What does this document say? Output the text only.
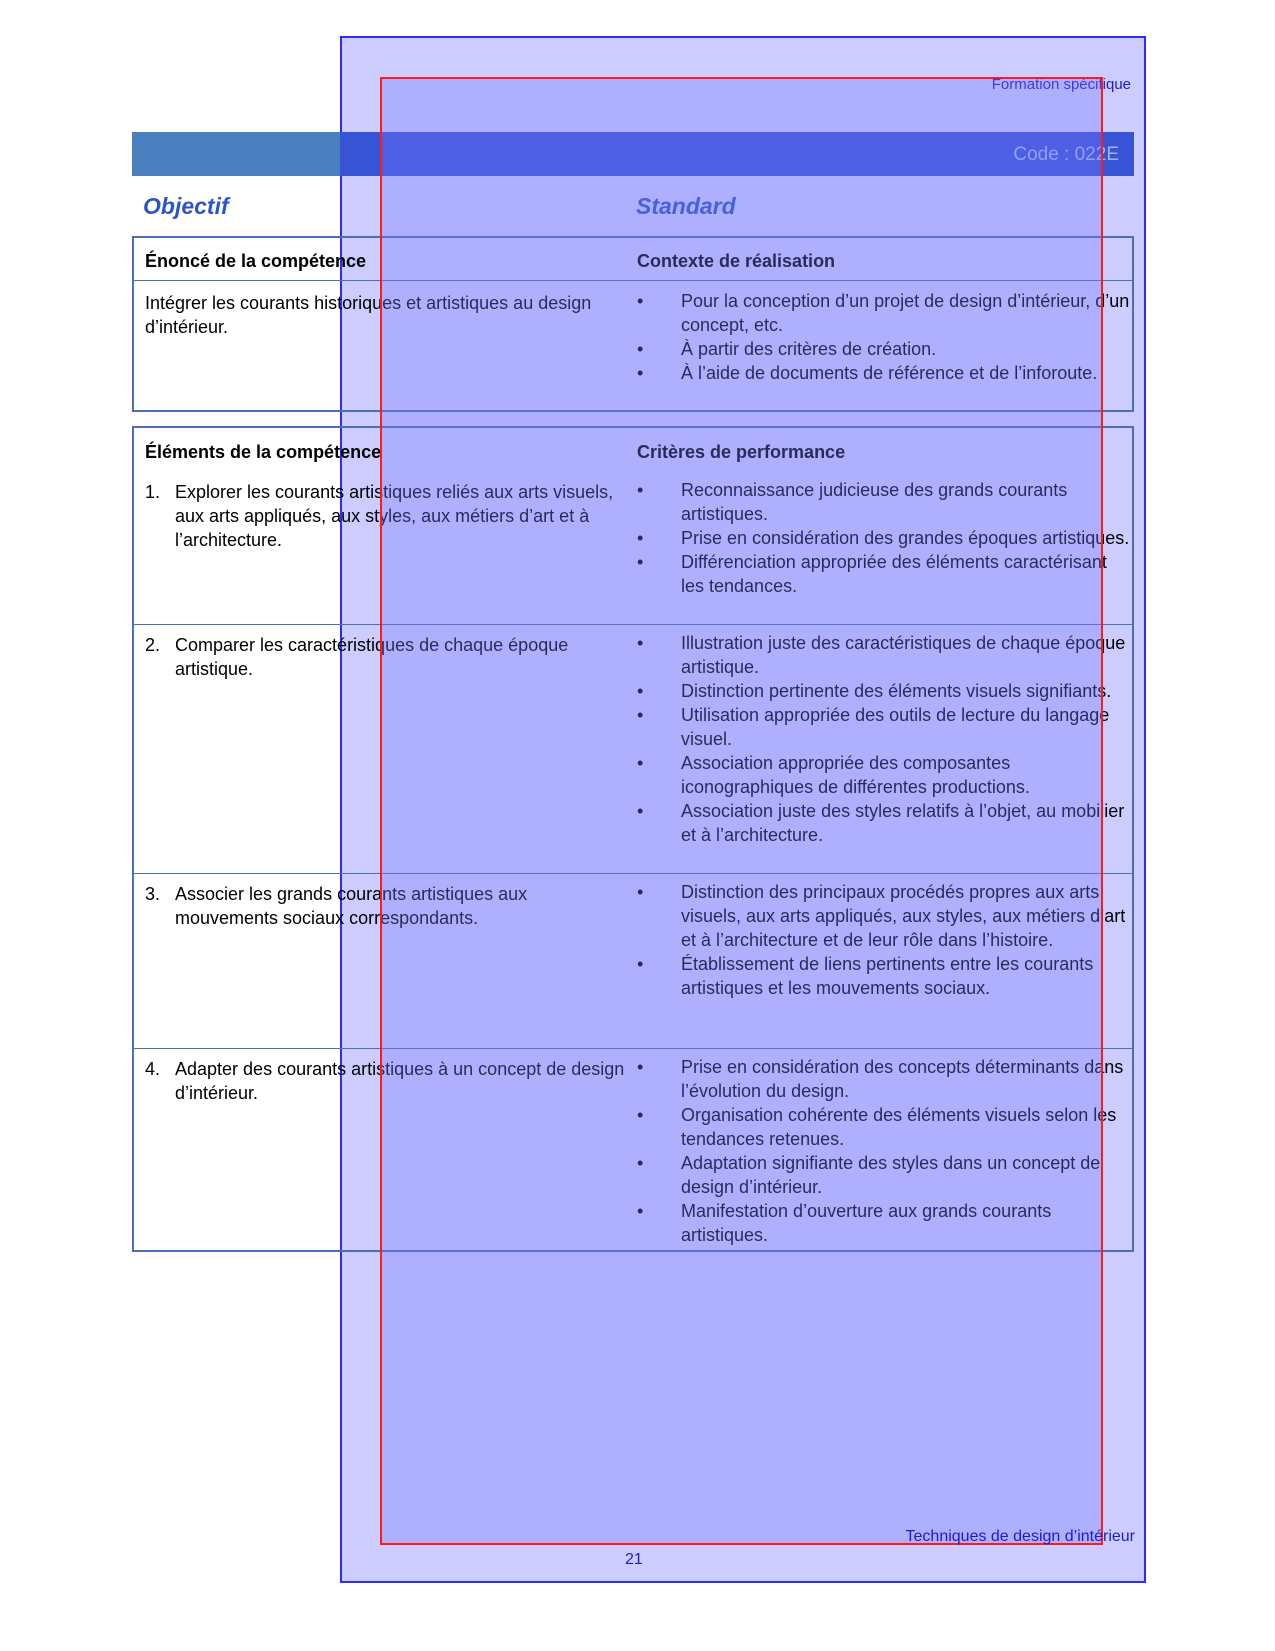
Formation spécifique
Code : 022E
Objectif	Standard
Énoncé de la compétence	Contexte de réalisation
Intégrer les courants historiques et artistiques au design d’intérieur.
•	Pour la conception d’un projet de design d’intérieur, d’un concept, etc.
•	À partir des critères de création.
•	À l’aide de documents de référence et de l’inforoute.
Éléments de la compétence	Critères de performance
1. Explorer les courants artistiques reliés aux arts visuels, aux arts appliqués, aux styles, aux métiers d’art et à l’architecture.
•	Reconnaissance judicieuse des grands courants artistiques.
•	Prise en considération des grandes époques artistiques.
•	Différenciation appropriée des éléments caractérisant les tendances.
2. Comparer les caractéristiques de chaque époque artistique.
•	Illustration juste des caractéristiques de chaque époque artistique.
•	Distinction pertinente des éléments visuels signifiants.
•	Utilisation appropriée des outils de lecture du langage visuel.
•	Association appropriée des composantes iconographiques de différentes productions.
•	Association juste des styles relatifs à l’objet, au mobilier et à l’architecture.
3. Associer les grands courants artistiques aux mouvements sociaux correspondants.
•	Distinction des principaux procédés propres aux arts visuels, aux arts appliqués, aux styles, aux métiers d’art et à l’architecture et de leur rôle dans l’histoire.
•	Établissement de liens pertinents entre les courants artistiques et les mouvements sociaux.
4. Adapter des courants artistiques à un concept de design d’intérieur.
•	Prise en considération des concepts déterminants dans l’évolution du design.
•	Organisation cohérente des éléments visuels selon les tendances retenues.
•	Adaptation signifiante des styles dans un concept de design d’intérieur.
•	Manifestation d’ouverture aux grands courants artistiques.
Techniques de design d’intérieur
21
